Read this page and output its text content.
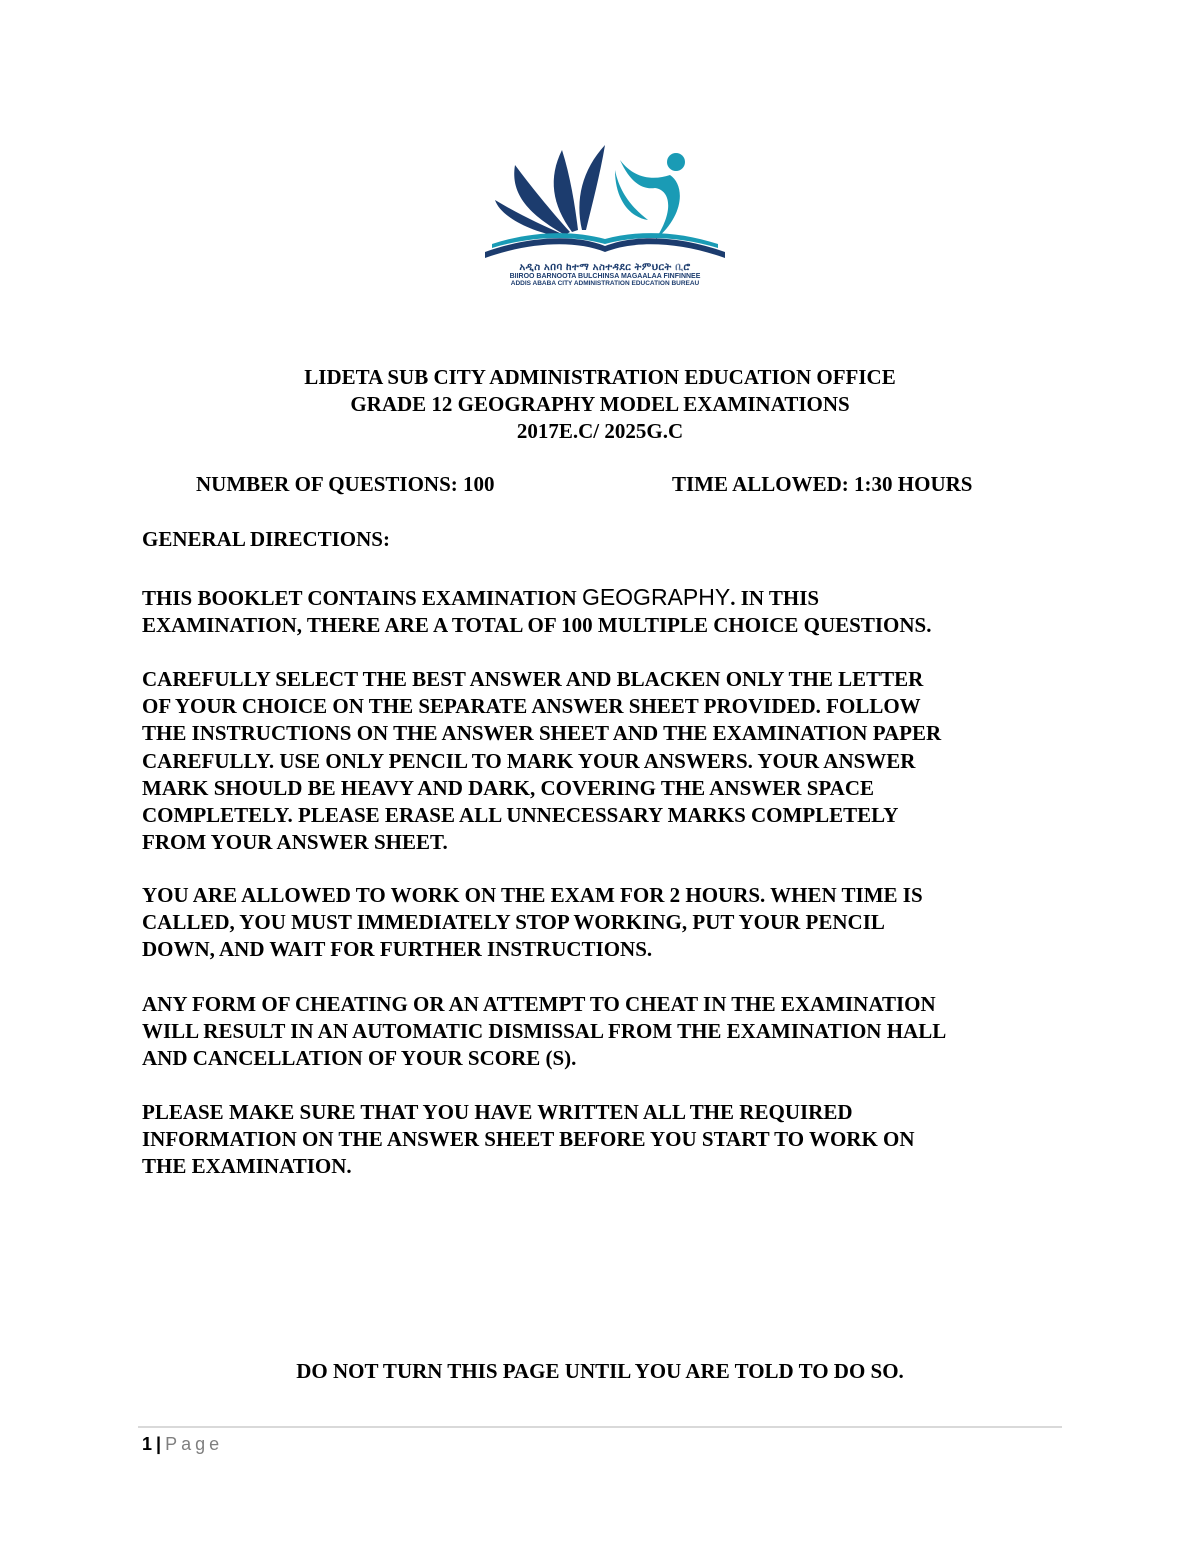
አዲስ አበባ ከተማ አስተዳደር ትምህርት ቢሮ
BIIROO BARNOOTA BULCHINSA MAGAALAA FINFINNEE
ADDIS ABABA CITY ADMINISTRATION EDUCATION BUREAU
LIDETA SUB CITY ADMINISTRATION EDUCATION OFFICE
GRADE 12 GEOGRAPHY MODEL EXAMINATIONS
2017E.C/ 2025G.C
NUMBER OF QUESTIONS: 100	TIME ALLOWED: 1:30 HOURS
GENERAL DIRECTIONS:
THIS BOOKLET CONTAINS EXAMINATION GEOGRAPHY. IN THIS
EXAMINATION, THERE ARE A TOTAL OF 100 MULTIPLE CHOICE QUESTIONS.
CAREFULLY SELECT THE BEST ANSWER AND BLACKEN ONLY THE LETTER
OF YOUR CHOICE ON THE SEPARATE ANSWER SHEET PROVIDED. FOLLOW
THE INSTRUCTIONS ON THE ANSWER SHEET AND THE EXAMINATION PAPER
CAREFULLY. USE ONLY PENCIL TO MARK YOUR ANSWERS. YOUR ANSWER
MARK SHOULD BE HEAVY AND DARK, COVERING THE ANSWER SPACE
COMPLETELY. PLEASE ERASE ALL UNNECESSARY MARKS COMPLETELY
FROM YOUR ANSWER SHEET.
YOU ARE ALLOWED TO WORK ON THE EXAM FOR 2 HOURS. WHEN TIME IS
CALLED, YOU MUST IMMEDIATELY STOP WORKING, PUT YOUR PENCIL
DOWN, AND WAIT FOR FURTHER INSTRUCTIONS.
ANY FORM OF CHEATING OR AN ATTEMPT TO CHEAT IN THE EXAMINATION
WILL RESULT IN AN AUTOMATIC DISMISSAL FROM THE EXAMINATION HALL
AND CANCELLATION OF YOUR SCORE (S).
PLEASE MAKE SURE THAT YOU HAVE WRITTEN ALL THE REQUIRED
INFORMATION ON THE ANSWER SHEET BEFORE YOU START TO WORK ON
THE EXAMINATION.
DO NOT TURN THIS PAGE UNTIL YOU ARE TOLD TO DO SO.
1 | Page
